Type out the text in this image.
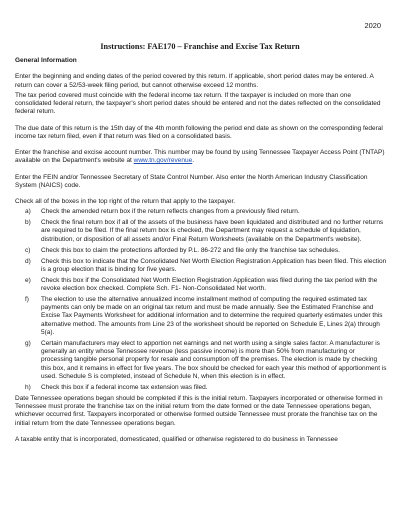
2020
Instructions: FAE170 – Franchise and Excise Tax Return

General Information

Enter the beginning and ending dates of the period covered by this return. If applicable, short period dates may be entered. A return can cover a 52/53-week filing period, but cannot otherwise exceed 12 months.

The tax period covered must coincide with the federal income tax return. If the taxpayer is included on more than one consolidated federal return, the taxpayer's short period dates should be entered and not the dates reflected on the consolidated federal return.

The due date of this return is the 15th day of the 4th month following the period end date as shown on the corresponding federal income tax return filed, even if that return was filed on a consolidated basis.

Enter the franchise and excise account number. This number may be found by using Tennessee Taxpayer Access Point (TNTAP) available on the Department's website at www.tn.gov/revenue.

Enter the FEIN and/or Tennessee Secretary of State Control Number. Also enter the North American Industry Classification System (NAICS) code.

Check all of the boxes in the top right of the return that apply to the taxpayer.

a) Check the amended return box if the return reflects changes from a previously filed return.
b) Check the final return box if all of the assets of the business have been liquidated and distributed and no further returns are required to be filed. If the final return box is checked, the Department may request a schedule of liquidation, distribution, or disposition of all assets and/or Final Return Worksheets (available on the Department's website).
c) Check this box to claim the protections afforded by P.L. 86-272 and file only the franchise tax schedules.
d) Check this box to indicate that the Consolidated Net Worth Election Registration Application has been filed. This election is a group election that is binding for five years.
e) Check this box if the Consolidated Net Worth Election Registration Application was filed during the tax period with the revoke election box checked. Complete Sch. F1- Non-Consolidated Net worth.
f) The election to use the alternative annualized income installment method of computing the required estimated tax payments can only be made on an original tax return and must be made annually. See the Estimated Franchise and Excise Tax Payments Worksheet for additional information and to determine the required quarterly estimates under this alternative method. The amounts from Line 23 of the worksheet should be reported on Schedule E, Lines 2(a) through 5(a).
g) Certain manufacturers may elect to apportion net earnings and net worth using a single sales factor. A manufacturer is generally an entity whose Tennessee revenue (less passive income) is more than 50% from manufacturing or processing tangible personal property for resale and consumption off the premises. The election is made by checking this box, and it remains in effect for five years. The box should be checked for each year this method of apportionment is used. Schedule S is completed, instead of Schedule N, when this election is in effect.
h) Check this box if a federal income tax extension was filed.

Date Tennessee operations began should be completed if this is the initial return. Taxpayers incorporated or otherwise formed in Tennessee must prorate the franchise tax on the initial return from the date formed or the date Tennessee operations began, whichever occurred first. Taxpayers incorporated or otherwise formed outside Tennessee must prorate the franchise tax on the initial return from the date Tennessee operations began.

A taxable entity that is incorporated, domesticated, qualified or otherwise registered to do business in Tennessee
